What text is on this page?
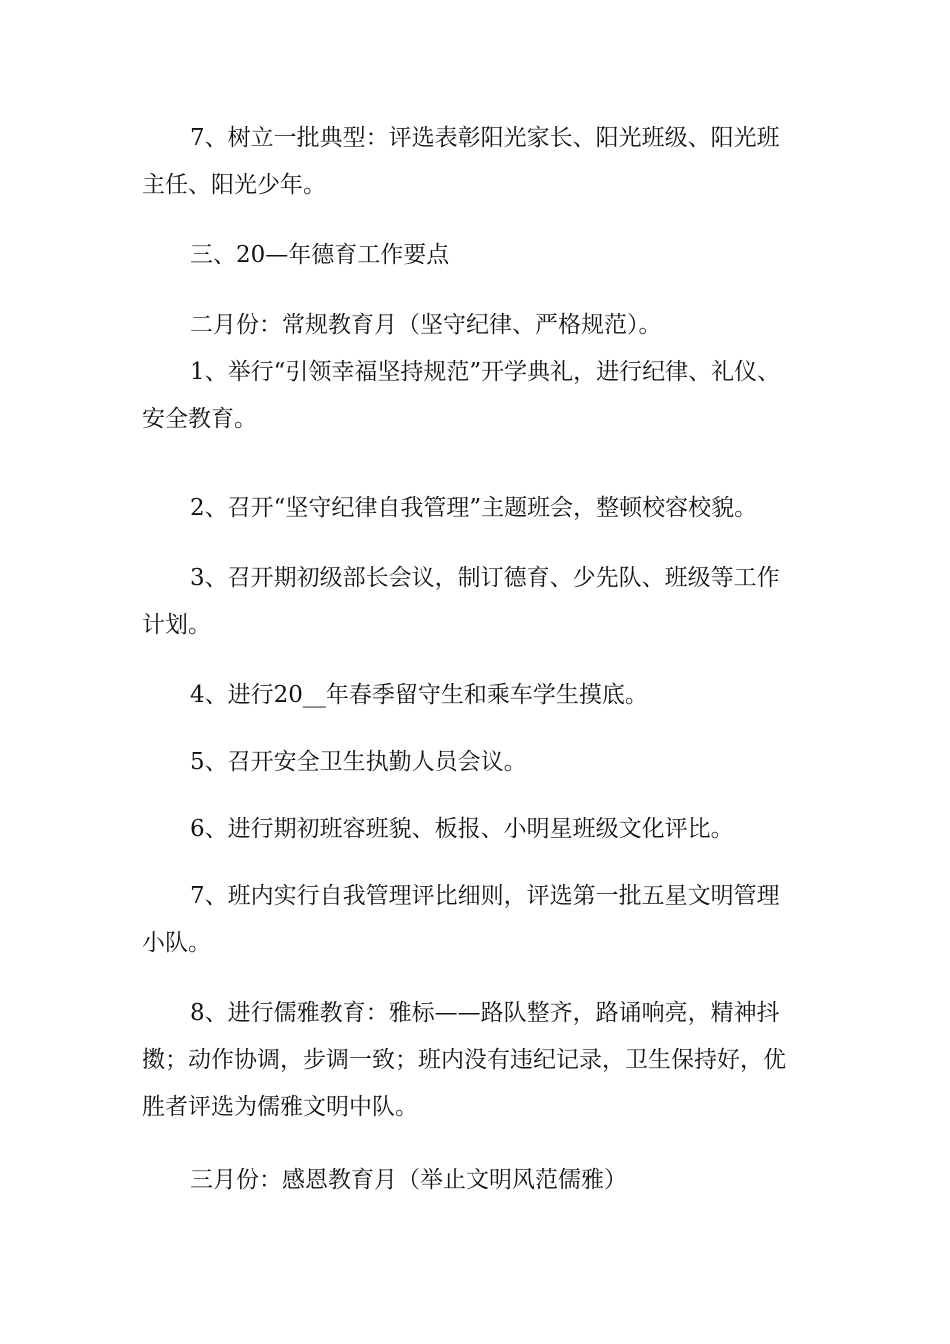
7、树立一批典型：评选表彰阳光家长、阳光班级、阳光班
主任、阳光少年。
三、20—年德育工作要点
二月份：常规教育月（坚守纪律、严格规范）。
1、举行“引领幸福坚持规范”开学典礼，进行纪律、礼仪、
安全教育。
2、召开“坚守纪律自我管理”主题班会，整顿校容校貌。
3、召开期初级部长会议，制订德育、少先队、班级等工作
计划。
4、进行20__年春季留守生和乘车学生摸底。
5、召开安全卫生执勤人员会议。
6、进行期初班容班貌、板报、小明星班级文化评比。
7、班内实行自我管理评比细则，评选第一批五星文明管理
小队。
8、进行儒雅教育：雅标——路队整齐，路诵响亮，精神抖
擞；动作协调，步调一致；班内没有违纪记录，卫生保持好，优
胜者评选为儒雅文明中队。
三月份：感恩教育月（举止文明风范儒雅）
